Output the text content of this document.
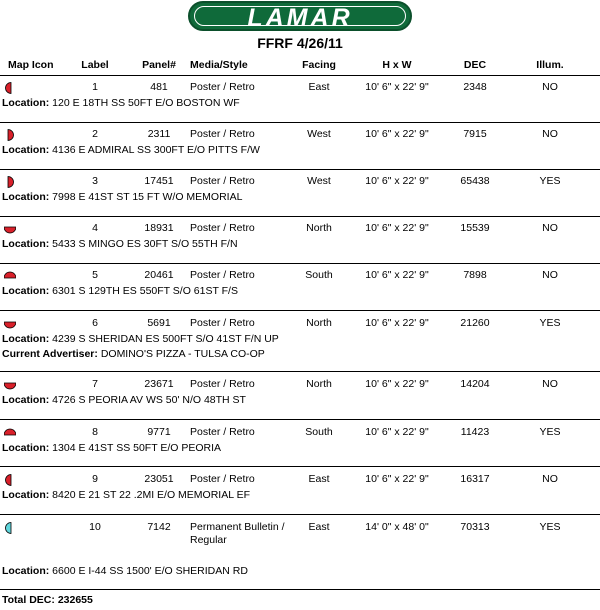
LAMAR
FFRF 4/26/11
Map Icon	Label	Panel#	Media/Style	Facing	H x W	DEC	Illum.
1	481	Poster / Retro	East	10' 6" x 22' 9"	2348	NO
Location: 120 E 18TH SS 50FT E/O BOSTON WF
2	2311	Poster / Retro	West	10' 6" x 22' 9"	7915	NO
Location: 4136 E ADMIRAL SS 300FT E/O PITTS F/W
3	17451	Poster / Retro	West	10' 6" x 22' 9"	65438	YES
Location: 7998 E 41ST ST 15 FT W/O MEMORIAL
4	18931	Poster / Retro	North	10' 6" x 22' 9"	15539	NO
Location: 5433 S MINGO ES 30FT S/O 55TH F/N
5	20461	Poster / Retro	South	10' 6" x 22' 9"	7898	NO
Location: 6301 S 129TH ES 550FT S/O 61ST F/S
6	5691	Poster / Retro	North	10' 6" x 22' 9"	21260	YES
Location: 4239 S SHERIDAN ES 500FT S/O 41ST F/N UP
Current Advertiser: DOMINO'S PIZZA - TULSA CO-OP
7	23671	Poster / Retro	North	10' 6" x 22' 9"	14204	NO
Location: 4726 S PEORIA AV WS 50' N/O 48TH ST
8	9771	Poster / Retro	South	10' 6" x 22' 9"	11423	YES
Location: 1304 E 41ST SS 50FT E/O PEORIA
9	23051	Poster / Retro	East	10' 6" x 22' 9"	16317	NO
Location: 8420 E 21 ST 22 .2MI E/O MEMORIAL EF
10	7142	Permanent Bulletin /	East	14' 0" x 48' 0"	70313	YES
Regular
Location: 6600 E I-44 SS 1500' E/O SHERIDAN RD
Total DEC: 232655
